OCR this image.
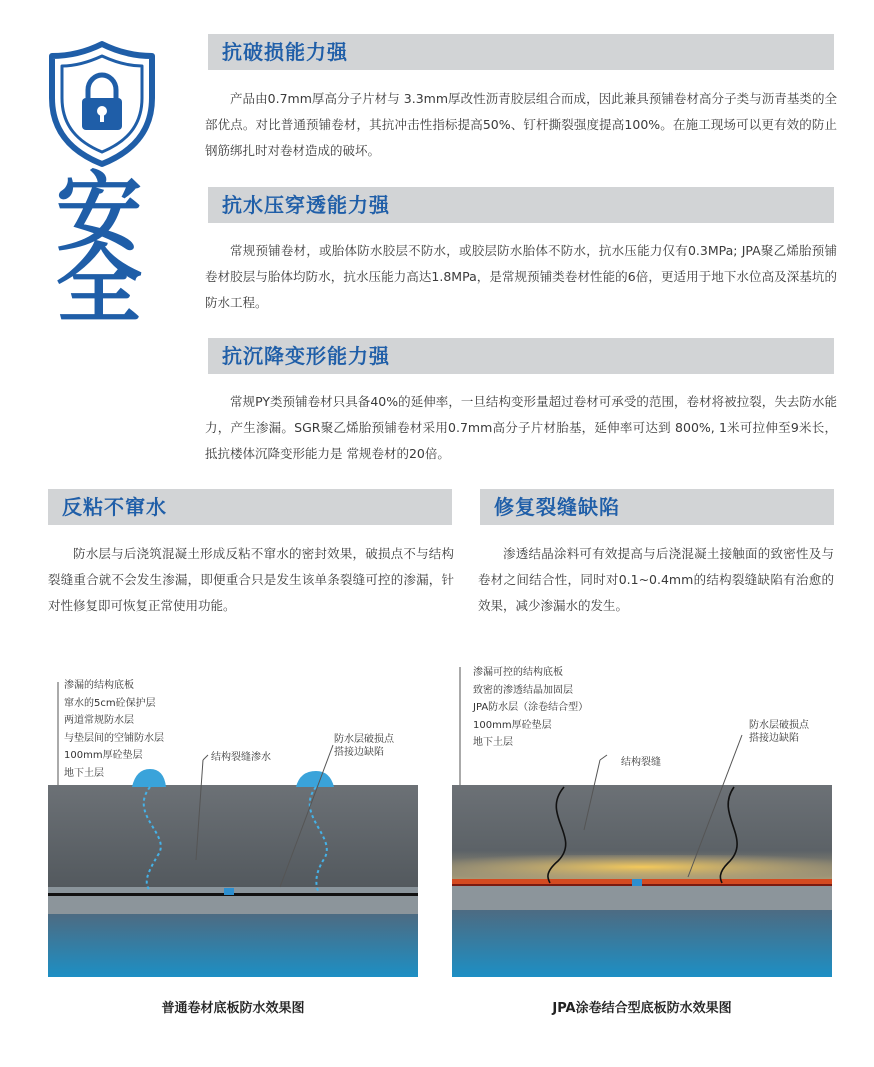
安
全
抗破损能力强
产品由0.7mm厚高分子片材与 3.3mm厚改性沥青胶层组合而成，因此兼具预铺卷材高分子类与沥青基类的全部优点。对比普通预铺卷材，其抗冲击性指标提高50%、钉杆撕裂强度提高100%。在施工现场可以更有效的防止钢筋绑扎时对卷材造成的破坏。
抗水压穿透能力强
常规预铺卷材，或胎体防水胶层不防水，或胶层防水胎体不防水，抗水压能力仅有0.3MPa; JPA聚乙烯胎预铺卷材胶层与胎体均防水，抗水压能力高达1.8MPa，是常规预铺类卷材性能的6倍，更适用于地下水位高及深基坑的防水工程。
抗沉降变形能力强
常规PY类预铺卷材只具备40%的延伸率，一旦结构变形量超过卷材可承受的范围，卷材将被拉裂，失去防水能力，产生渗漏。SGR聚乙烯胎预铺卷材采用0.7mm高分子片材胎基，延伸率可达到 800%, 1米可拉伸至9米长，抵抗楼体沉降变形能力是 常规卷材的20倍。
反粘不窜水
防水层与后浇筑混凝土形成反粘不窜水的密封效果，破损点不与结构裂缝重合就不会发生渗漏，即便重合只是发生该单条裂缝可控的渗漏，针对性修复即可恢复正常使用功能。
修复裂缝缺陷
渗透结晶涂料可有效提高与后浇混凝土接触面的致密性及与卷材之间结合性，同时对0.1~0.4mm的结构裂缝缺陷有治愈的效果，减少渗漏水的发生。
渗漏的结构底板
窜水的5cm砼保护层
两道常规防水层
与垫层间的空铺防水层
100mm厚砼垫层
地下土层
结构裂缝渗水
防水层破损点
搭接边缺陷
普通卷材底板防水效果图
渗漏可控的结构底板
致密的渗透结晶加固层
JPA防水层（涂卷结合型）
100mm厚砼垫层
地下土层
结构裂缝
防水层破损点
搭接边缺陷
JPA涂卷结合型底板防水效果图
